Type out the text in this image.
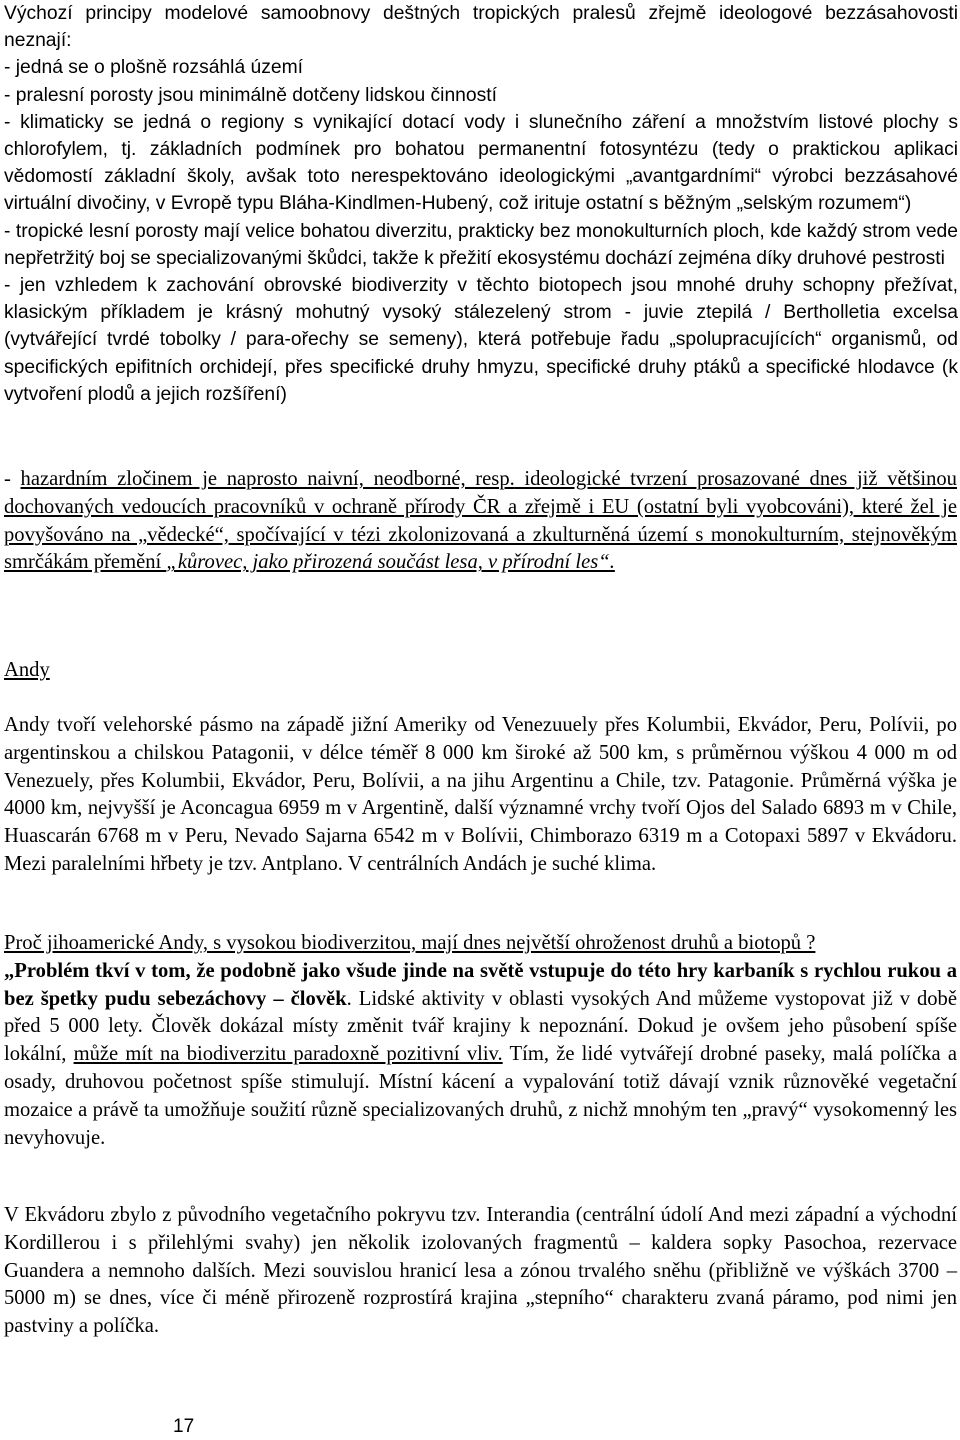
Výchozí principy modelové samoobnovy deštných tropických pralesů zřejmě ideologové bezzásahovosti neznají:
- jedná se o plošně rozsáhlá území
- pralesní porosty jsou minimálně dotčeny lidskou činností
- klimaticky se jedná o regiony s vynikající dotací vody i slunečního záření a množstvím listové plochy s chlorofylem, tj. základních podmínek pro bohatou permanentní fotosyntézu (tedy o praktickou aplikaci vědomostí základní školy, avšak toto nerespektováno ideologickými „avantgardními“ výrobci bezzásahové virtuální divočiny, v Evropě typu Bláha-Kindlmen-Hubený, což irituje ostatní s běžným „selským rozumem“)
- tropické lesní porosty mají velice bohatou diverzitu, prakticky bez monokulturních ploch, kde každý strom vede nepřetržitý boj se specializovanými škůdci, takže k přežití ekosystému dochází zejména díky druhové pestrosti
- jen vzhledem k zachování obrovské biodiverzity v těchto biotopech jsou mnohé druhy schopny přežívat, klasickým příkladem je krásný mohutný vysoký stálezelený strom - juvie ztepilá / Bertholletia excelsa (vytvářející tvrdé tobolky / para-ořechy se semeny), která potřebuje řadu „spolupracujících“ organismů, od specifických epifitních orchidejí, přes specifické druhy hmyzu, specifické druhy ptáků a specifické hlodavce (k vytvoření plodů a jejich rozšíření)
- hazardním zločinem je naprosto naivní, neodborné, resp. ideologické tvrzení prosazované dnes již většinou dochovaných vedoucích pracovníků v ochraně přírody ČR a zřejmě i EU (ostatní byli vyobcováni), které žel je povyšováno na „vědecké“, spočívající v tézi zkolonizovaná a zkulturněná území s monokulturním, stejnověkým smrčákám přemění „kůrovec, jako přirozená součást lesa, v přírodní les“.
Andy
Andy tvoří velehorské pásmo na západě jižní Ameriky od Venezuuely přes Kolumbii, Ekvádor, Peru, Polívii, po argentinskou a chilskou Patagonii, v délce téměř 8 000 km široké až 500 km, s průměrnou výškou 4 000 m od Venezuely, přes Kolumbii, Ekvádor, Peru, Bolívii, a na jihu Argentinu a Chile, tzv. Patagonie. Průměrná výška je 4000 km, nejvyšší je Aconcagua 6959 m v Argentině, další významné vrchy tvoří Ojos del Salado 6893 m v Chile, Huascarán 6768 m v Peru, Nevado Sajarna 6542 m v Bolívii, Chimborazo 6319 m a Cotopaxi 5897 v Ekvádoru. Mezi paralelními hřbety je tzv. Antplano. V centrálních Andách je suché klima.
Proč jihoamerické Andy, s vysokou biodiverzitou, mají dnes největší ohroženost druhů a biotopů ?
„Problém tkví v tom, že podobně jako všude jinde na světě vstupuje do této hry karbaník s rychlou rukou a bez špetky pudu sebezáchovy – člověk. Lidské aktivity v oblasti vysokých And můžeme vystopovat již v době před 5 000 lety. Člověk dokázal místy změnit tvář krajiny k nepoznání. Dokud je ovšem jeho působení spíše lokální, může mít na biodiverzitu paradoxně pozitivní vliv. Tím, že lidé vytvářejí drobné paseky, malá políčka a osady, druhovou početnost spíše stimulují. Místní kácení a vypalování totiž dávají vznik různověké vegetační mozaice a právě ta umožňuje soužití různě specializovaných druhů, z nichž mnohým ten „pravý“ vysokomenný les nevyhovuje.
V Ekvádoru zbylo z původního vegetačního pokryvu tzv. Interandia (centrální údolí And mezi západní a východní Kordillerou i s přilehlými svahy) jen několik izolovaných fragmentů – kaldera sopky Pasochoa, rezervace Guandera a nemnoho dalších. Mezi souvislou hranicí lesa a zónou trvalého sněhu (přibližně ve výškách 3700 – 5000 m) se dnes, více či méně přirozeně rozprostírá krajina „stepního“ charakteru zvaná páramo, pod nimi jen pastviny a políčka.
17
